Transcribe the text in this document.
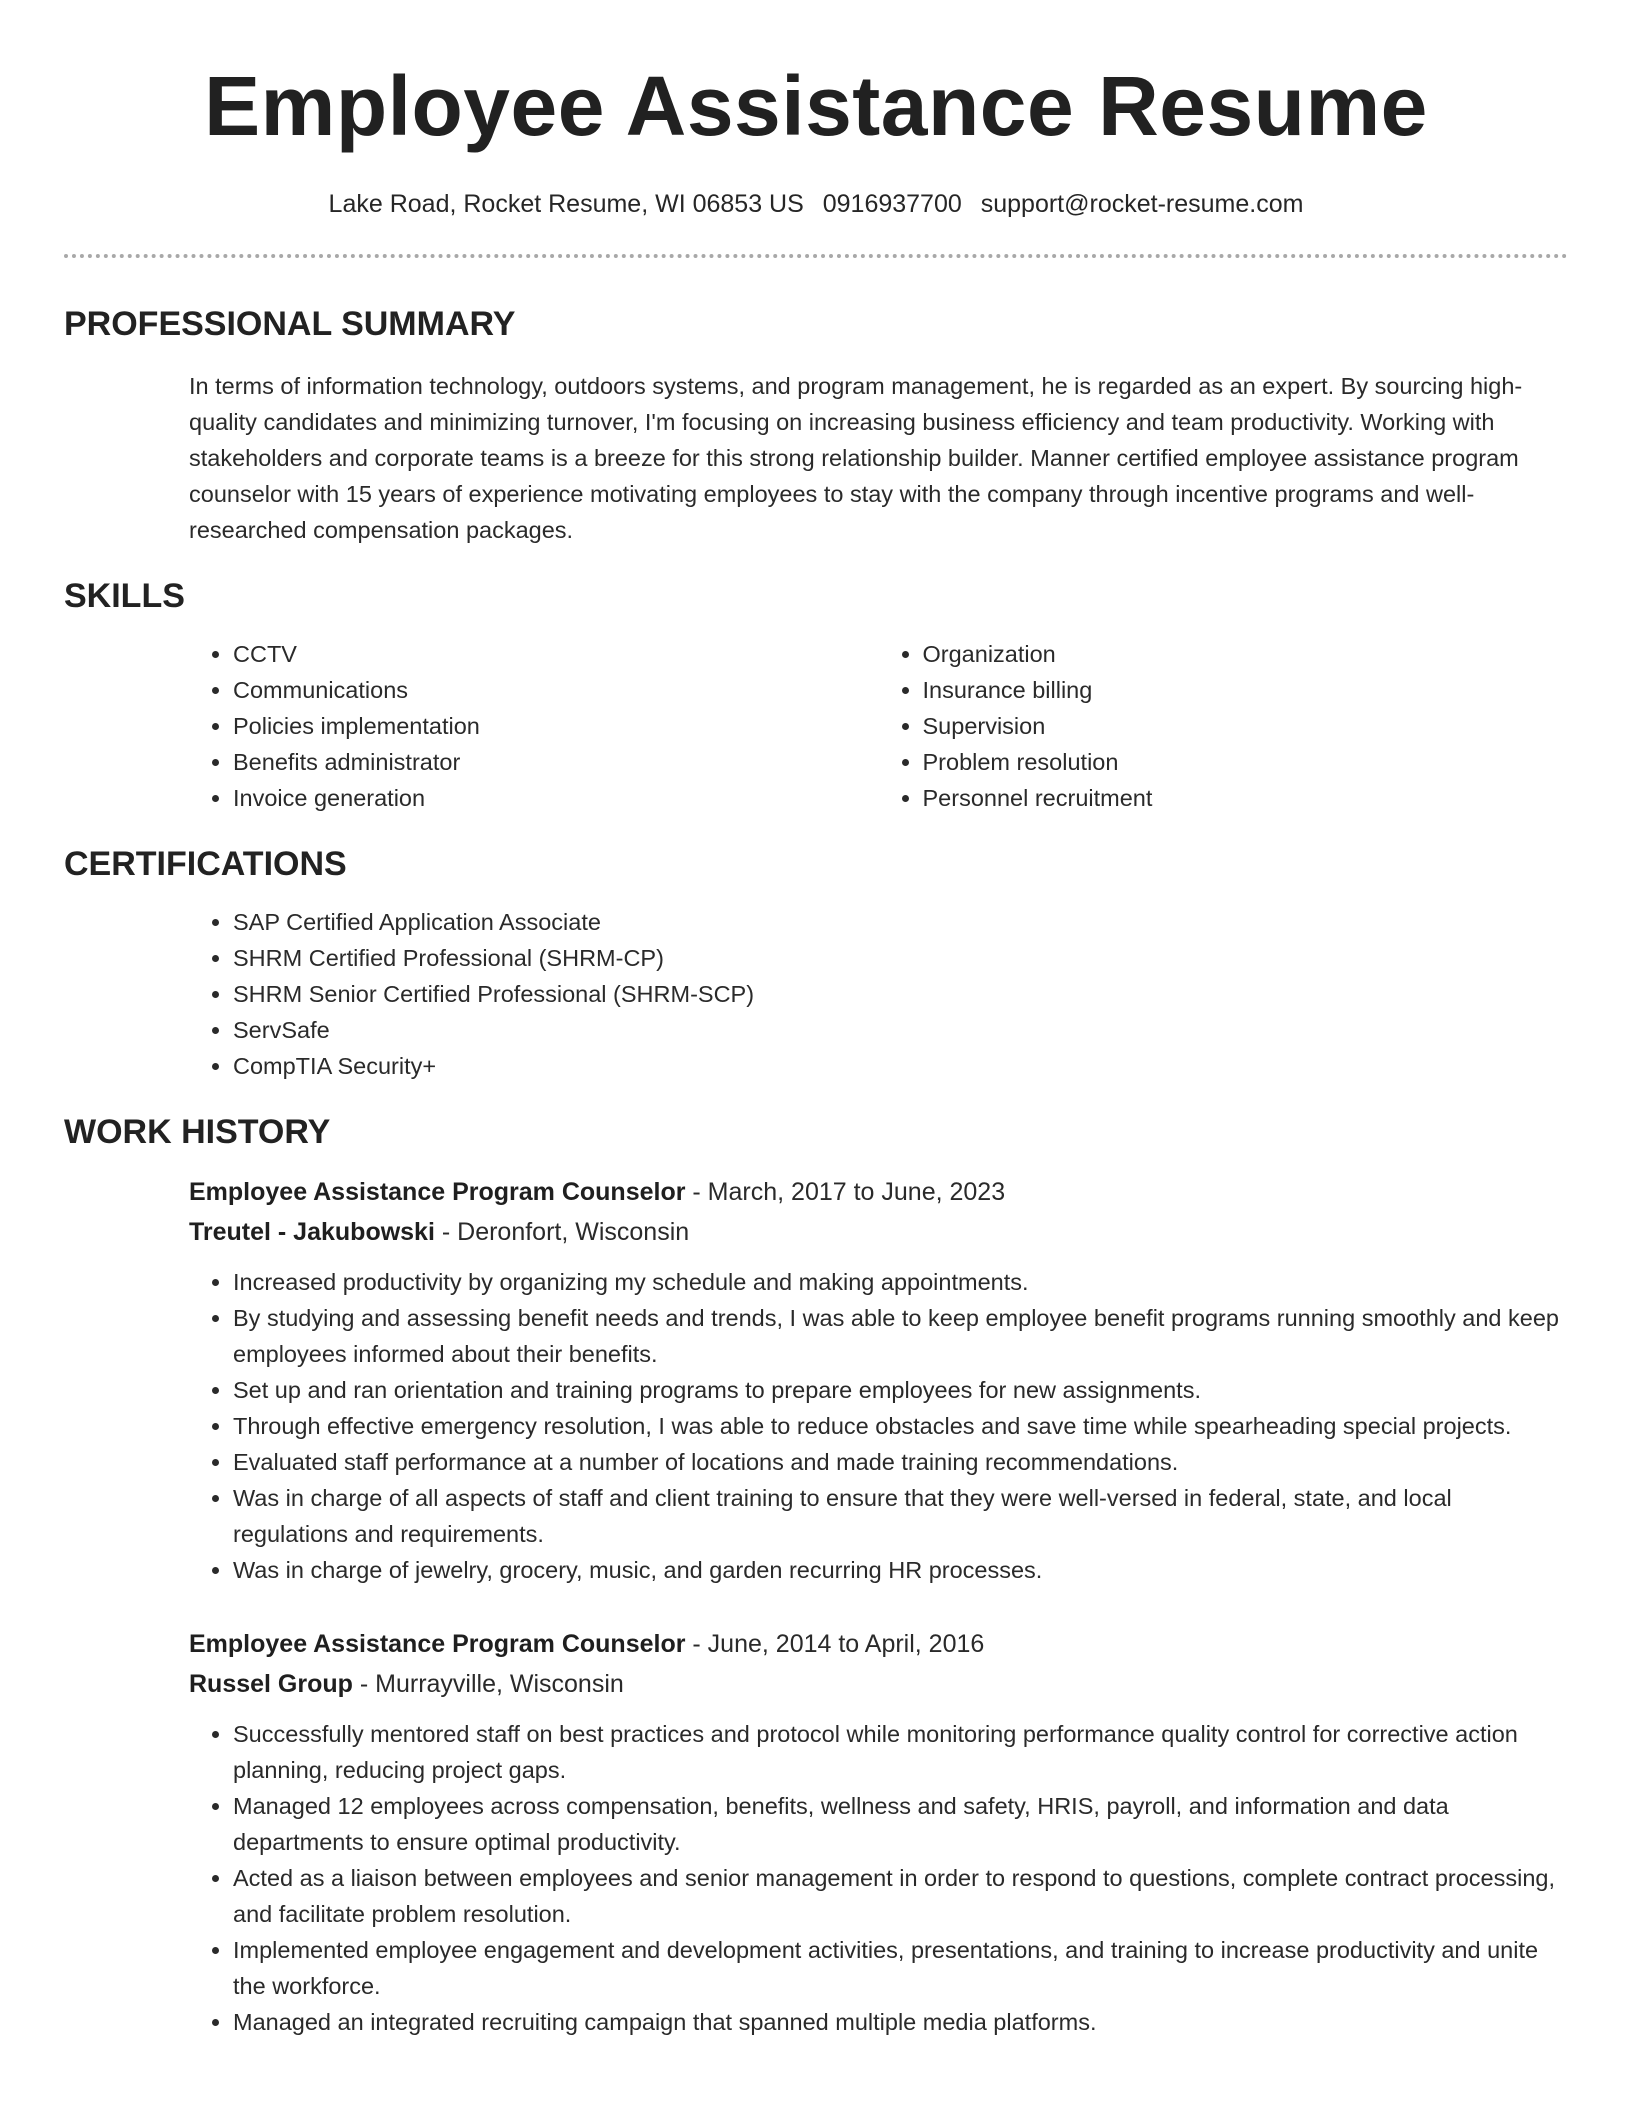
Employee Assistance Resume
Lake Road, Rocket Resume, WI 06853 US 0916937700 support@rocket-resume.com
PROFESSIONAL SUMMARY

In terms of information technology, outdoors systems, and program management, he is regarded as an expert. By sourcing high-quality candidates and minimizing turnover, I'm focusing on increasing business efficiency and team productivity. Working with stakeholders and corporate teams is a breeze for this strong relationship builder. Manner certified employee assistance program counselor with 15 years of experience motivating employees to stay with the company through incentive programs and well-researched compensation packages.

SKILLS
• CCTV
• Communications
• Policies implementation
• Benefits administrator
• Invoice generation
• Organization
• Insurance billing
• Supervision
• Problem resolution
• Personnel recruitment
CERTIFICATIONS
• SAP Certified Application Associate
• SHRM Certified Professional (SHRM-CP)
• SHRM Senior Certified Professional (SHRM-SCP)
• ServSafe
• CompTIA Security+
WORK HISTORY
Employee Assistance Program Counselor - March, 2017 to June, 2023
Treutel - Jakubowski - Deronfort, Wisconsin
• Increased productivity by organizing my schedule and making appointments.
• By studying and assessing benefit needs and trends, I was able to keep employee benefit programs running smoothly and keep employees informed about their benefits.
• Set up and ran orientation and training programs to prepare employees for new assignments.
• Through effective emergency resolution, I was able to reduce obstacles and save time while spearheading special projects.
• Evaluated staff performance at a number of locations and made training recommendations.
• Was in charge of all aspects of staff and client training to ensure that they were well-versed in federal, state, and local regulations and requirements.
• Was in charge of jewelry, grocery, music, and garden recurring HR processes.
Employee Assistance Program Counselor - June, 2014 to April, 2016
Russel Group - Murrayville, Wisconsin
• Successfully mentored staff on best practices and protocol while monitoring performance quality control for corrective action planning, reducing project gaps.
• Managed 12 employees across compensation, benefits, wellness and safety, HRIS, payroll, and information and data departments to ensure optimal productivity.
• Acted as a liaison between employees and senior management in order to respond to questions, complete contract processing, and facilitate problem resolution.
• Implemented employee engagement and development activities, presentations, and training to increase productivity and unite the workforce.
• Managed an integrated recruiting campaign that spanned multiple media platforms.
